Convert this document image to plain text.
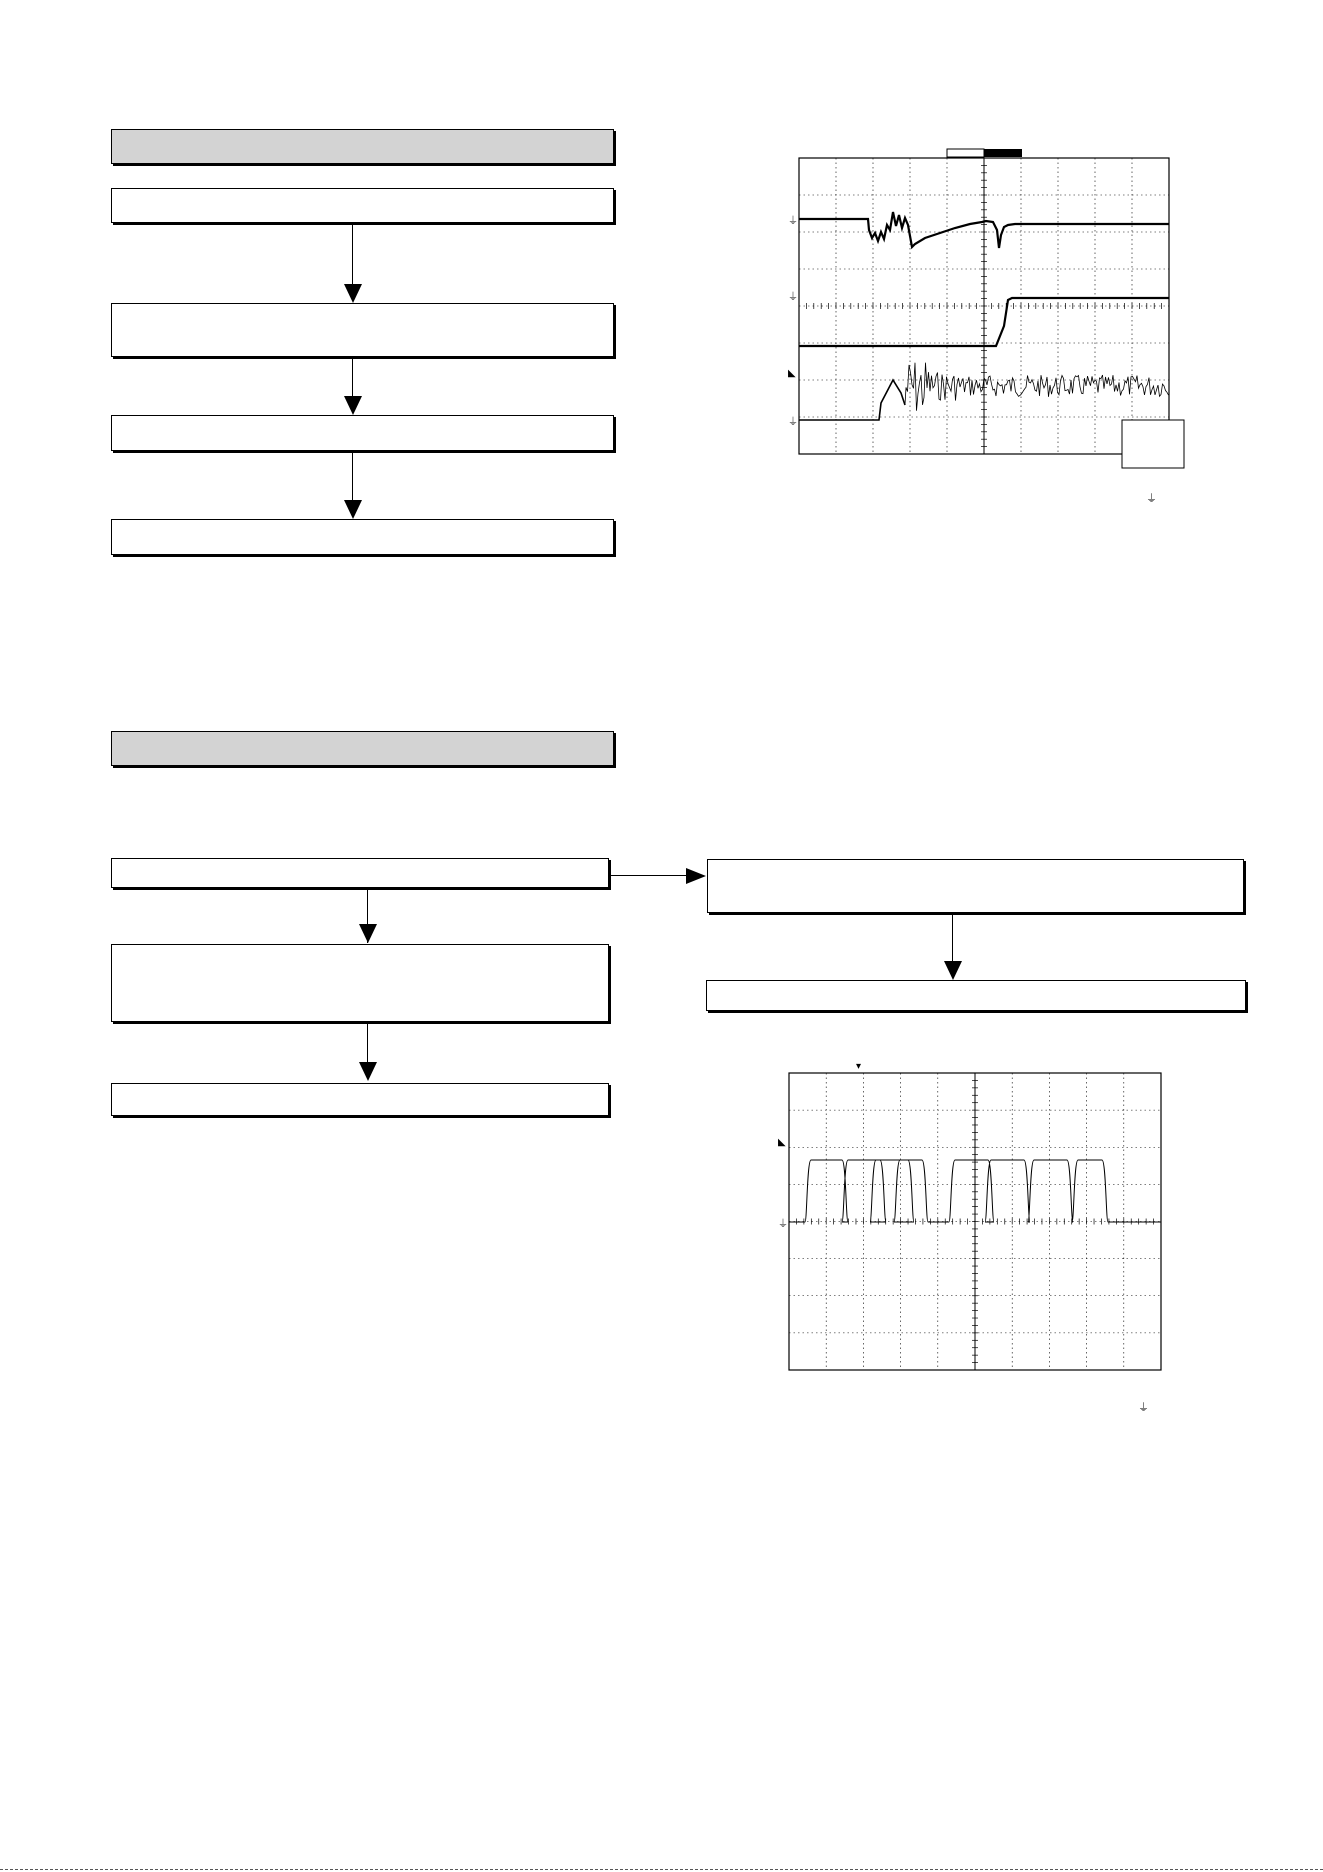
⏚
⏚
◣
⏚
⏚
▾
◣
⏚
⏚
